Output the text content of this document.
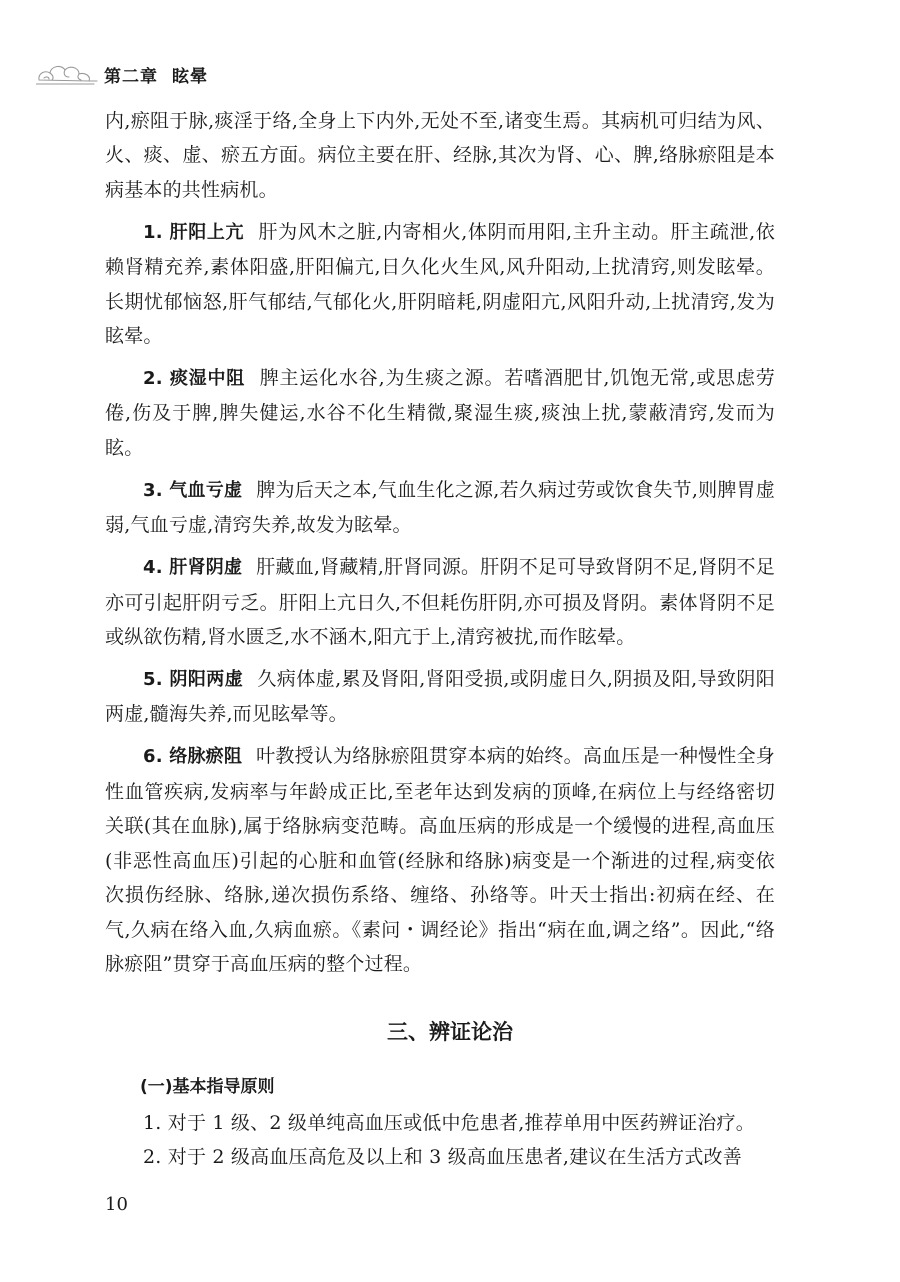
第二章 眩晕

内,瘀阻于脉,痰淫于络,全身上下内外,无处不至,诸变生焉。其病机可归结为风、火、痰、虚、瘀五方面。病位主要在肝、经脉,其次为肾、心、脾,络脉瘀阻是本病基本的共性病机。

1. 肝阳上亢 肝为风木之脏,内寄相火,体阴而用阳,主升主动。肝主疏泄,依赖肾精充养,素体阳盛,肝阳偏亢,日久化火生风,风升阳动,上扰清窍,则发眩晕。长期忧郁恼怒,肝气郁结,气郁化火,肝阴暗耗,阴虚阳亢,风阳升动,上扰清窍,发为眩晕。

2. 痰湿中阻 脾主运化水谷,为生痰之源。若嗜酒肥甘,饥饱无常,或思虑劳倦,伤及于脾,脾失健运,水谷不化生精微,聚湿生痰,痰浊上扰,蒙蔽清窍,发而为眩。

3. 气血亏虚 脾为后天之本,气血生化之源,若久病过劳或饮食失节,则脾胃虚弱,气血亏虚,清窍失养,故发为眩晕。

4. 肝肾阴虚 肝藏血,肾藏精,肝肾同源。肝阴不足可导致肾阴不足,肾阴不足亦可引起肝阴亏乏。肝阳上亢日久,不但耗伤肝阴,亦可损及肾阴。素体肾阴不足或纵欲伤精,肾水匮乏,水不涵木,阳亢于上,清窍被扰,而作眩晕。

5. 阴阳两虚 久病体虚,累及肾阳,肾阳受损,或阴虚日久,阴损及阳,导致阴阳两虚,髓海失养,而见眩晕等。

6. 络脉瘀阻 叶教授认为络脉瘀阻贯穿本病的始终。高血压是一种慢性全身性血管疾病,发病率与年龄成正比,至老年达到发病的顶峰,在病位上与经络密切关联(其在血脉),属于络脉病变范畴。高血压病的形成是一个缓慢的进程,高血压(非恶性高血压)引起的心脏和血管(经脉和络脉)病变是一个渐进的过程,病变依次损伤经脉、络脉,递次损伤系络、缠络、孙络等。叶天士指出:初病在经、在气,久病在络入血,久病血瘀。《素问・调经论》指出“病在血,调之络”。因此,“络脉瘀阻”贯穿于高血压病的整个过程。

三、辨证论治
(一)基本指导原则

1. 对于 1 级、2 级单纯高血压或低中危患者,推荐单用中医药辨证治疗。

2. 对于 2 级高血压高危及以上和 3 级高血压患者,建议在生活方式改善

10
